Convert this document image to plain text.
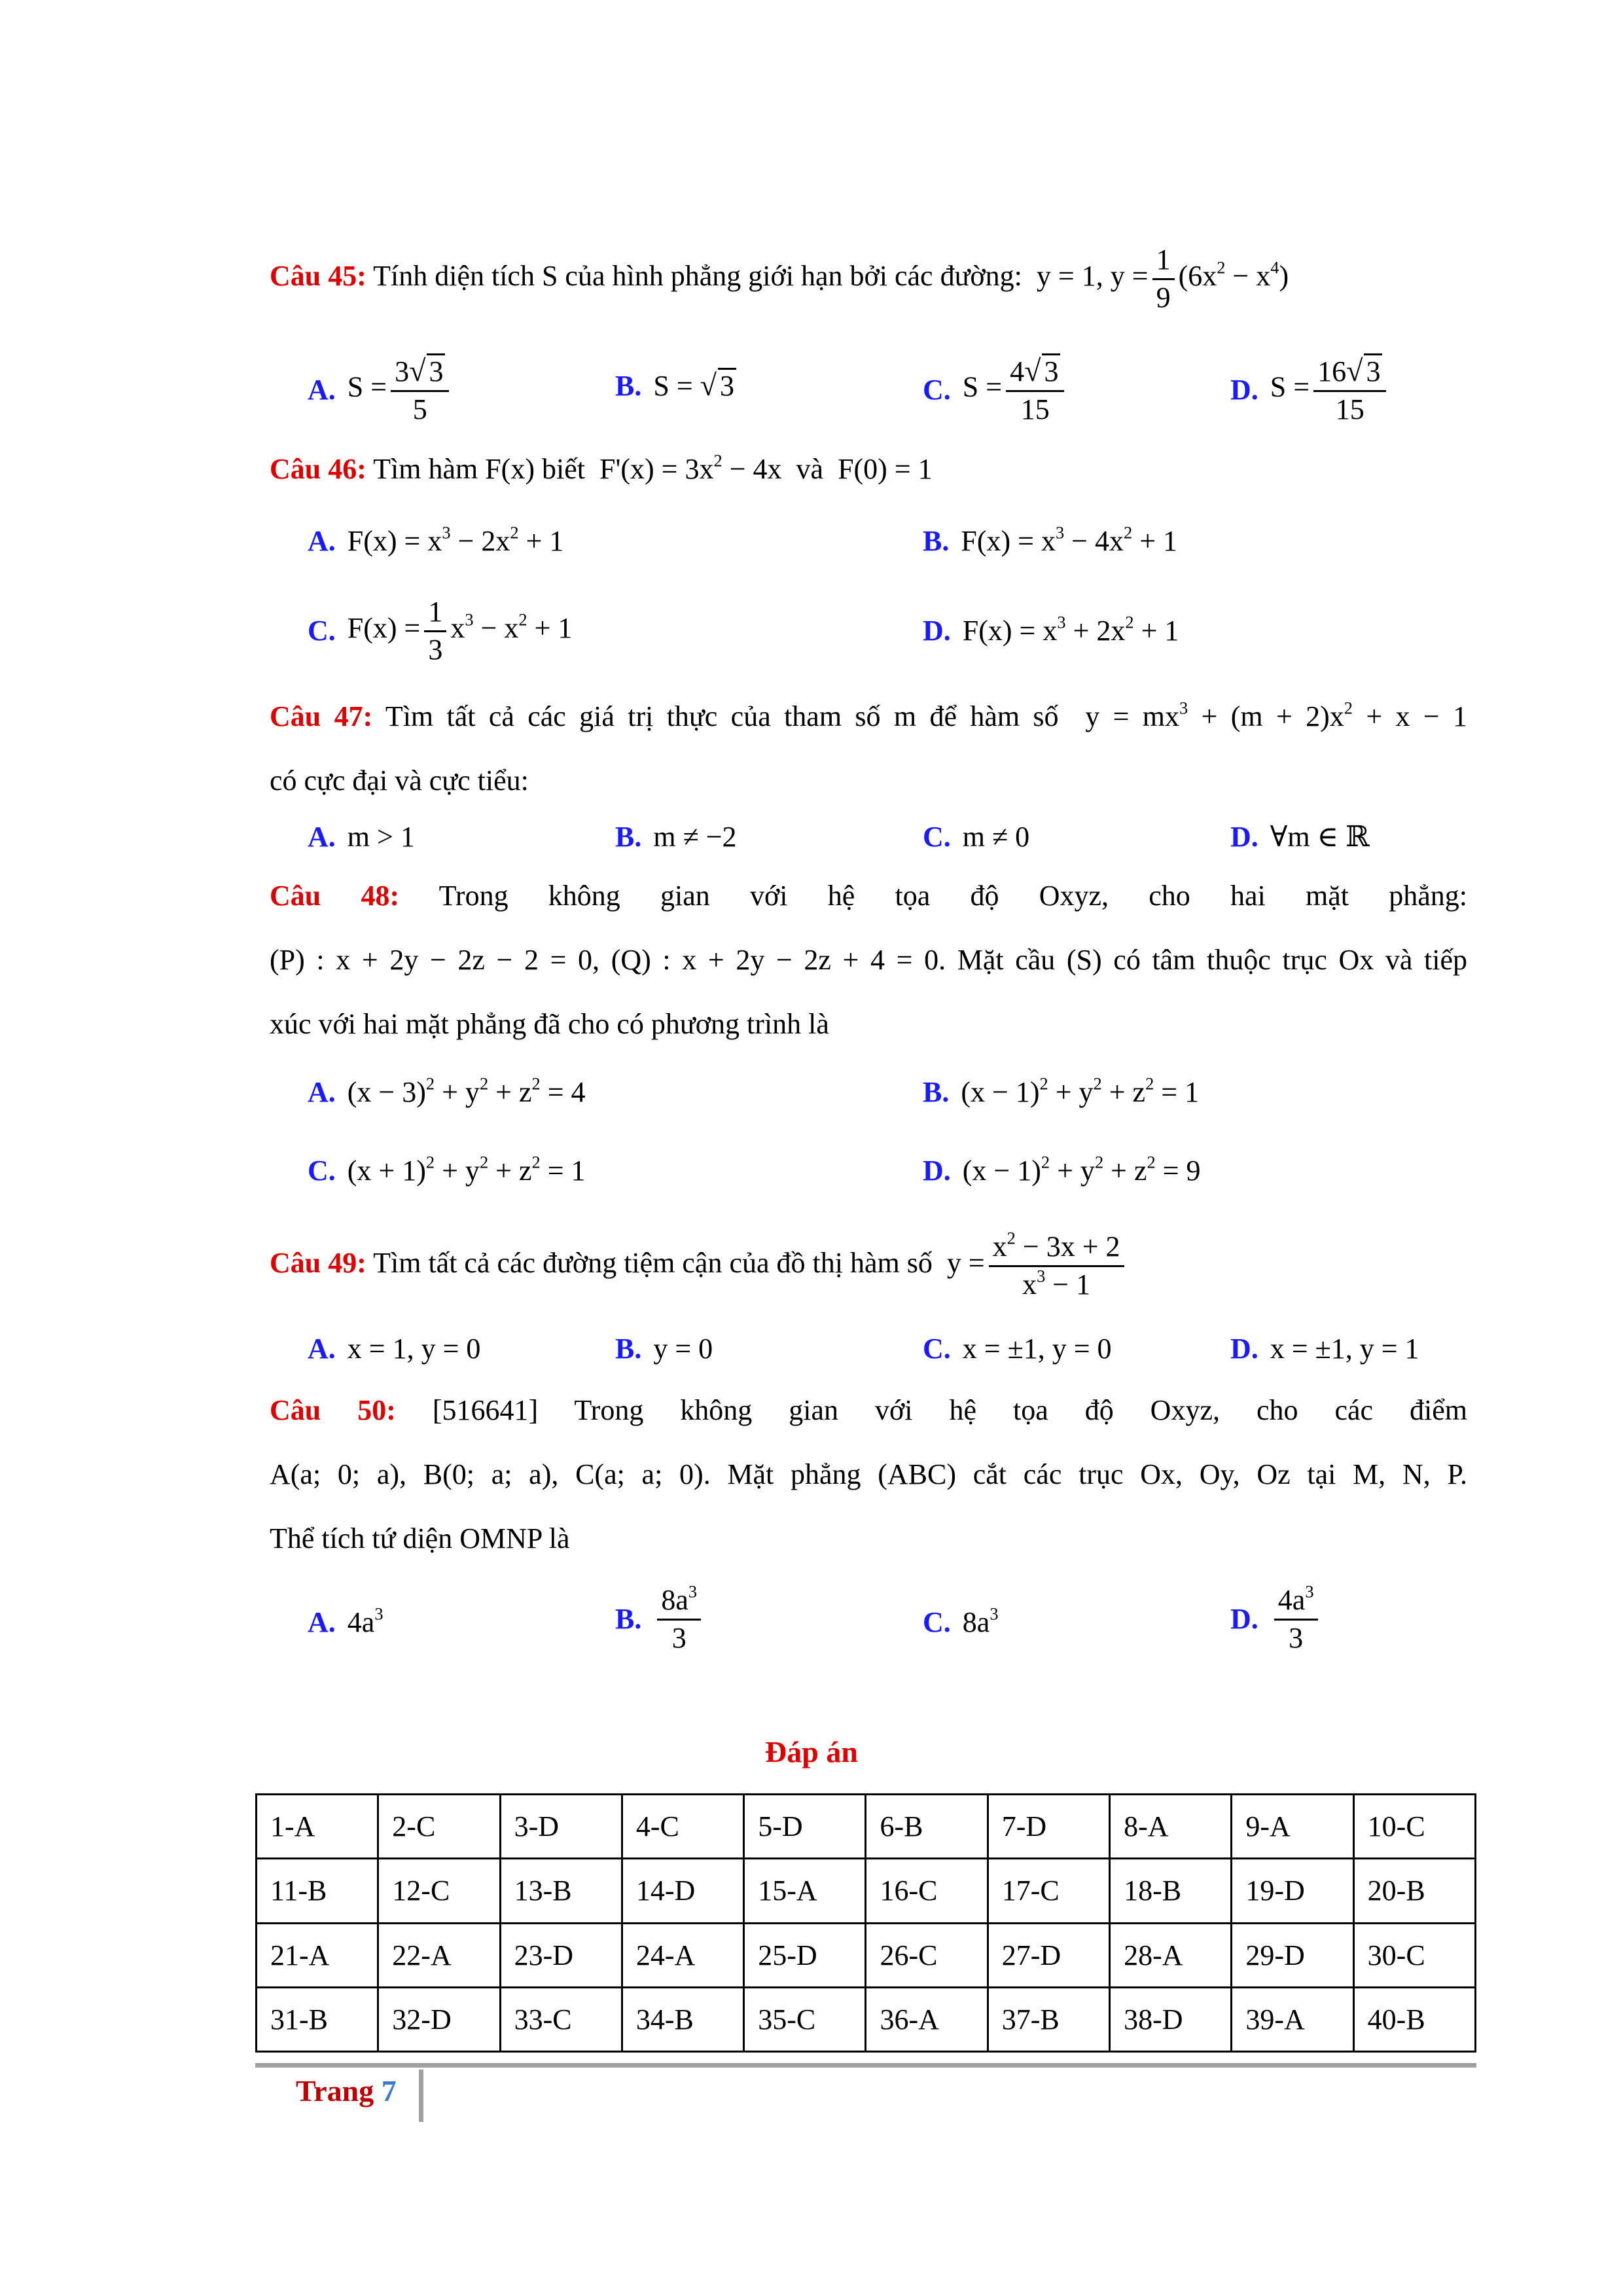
Câu 45: Tính diện tích S của hình phẳng giới hạn bởi các đường:  y = 1, $y = \frac{1}{9} (6x^2 - x^4)$
A. $S = \frac{3√ 3}{5}$	B. S = √ 3	C. $S = \frac{4√ 3}{15}$	D. $S = \frac{16√ 3}{15}$
Câu 46: Tìm hàm F(x) biết  $F'(x) = 3x^2 - 4x$  và  F(0) = 1
A. $F(x) = x^3 - 2x^2 + 1$	B. $F(x) = x^3 - 4x^2 + 1$
C. $F(x) = \frac{1}{3} x^3 - x^2 + 1$	D. $F(x) = x^3 + 2x^2 + 1$
Câu 47: Tìm tất cả các giá trị thực của tham số m để hàm số  $y = mx^3 + (m + 2)x^2 + x - 1$
có cực đại và cực tiểu:
A. m > 1	B. m ≠ −2	C. m ≠ 0	D. ∀m ∈ ℝ
Câu 48: Trong không gian với hệ tọa độ Oxyz, cho hai mặt phẳng:
(P) : x + 2y − 2z − 2 = 0, (Q) : x + 2y − 2z + 4 = 0. Mặt cầu (S) có tâm thuộc trục Ox và tiếp
xúc với hai mặt phẳng đã cho có phương trình là
A. $(x - 3)^2 + y^2 + z^2 = 4$	B. $(x - 1)^2 + y^2 + z^2 = 1$
C. $(x + 1)^2 + y^2 + z^2 = 1$	D. $(x - 1)^2 + y^2 + z^2 = 9$
Câu 49: Tìm tất cả các đường tiệm cận của đồ thị hàm số  $y = \frac{x^2 - 3x + 2}{x^3 - 1}$
A. x = 1, y = 0	B. y = 0	C. x = ±1, y = 0	D. x = ±1, y = 1
Câu 50: [516641] Trong không gian với hệ tọa độ Oxyz, cho các điểm
A(a; 0; a), B(0; a; a), C(a; a; 0). Mặt phẳng (ABC) cắt các trục Ox, Oy, Oz tại M, N, P.
Thể tích tứ diện OMNP là
A. $4a^3$	B. $\frac{8a^3}{3}$	C. $8a^3$	D. $\frac{4a^3}{3}$
Đáp án
1-A	2-C	3-D	4-C	5-D	6-B	7-D	8-A	9-A	10-C
11-B	12-C	13-B	14-D	15-A	16-C	17-C	18-B	19-D	20-B
21-A	22-A	23-D	24-A	25-D	26-C	27-D	28-A	29-D	30-C
31-B	32-D	33-C	34-B	35-C	36-A	37-B	38-D	39-A	40-B
Trang 7
